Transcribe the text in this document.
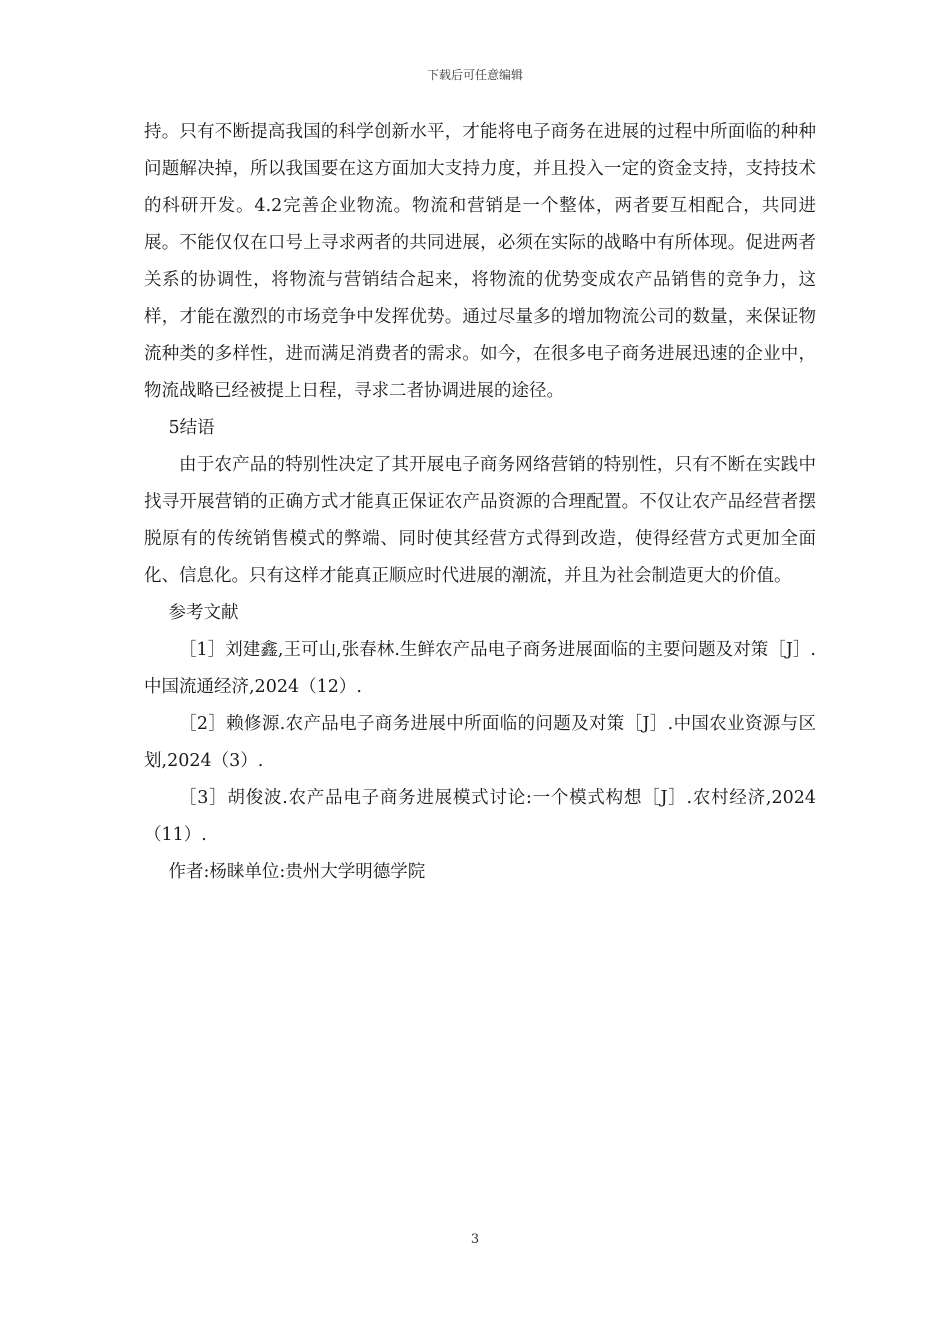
下载后可任意编辑

持。只有不断提高我国的科学创新水平，才能将电子商务在进展的过程中所面临的种种问题解决掉，所以我国要在这方面加大支持力度，并且投入一定的资金支持，支持技术的科研开发。4.2完善企业物流。物流和营销是一个整体，两者要互相配合，共同进展。不能仅仅在口号上寻求两者的共同进展，必须在实际的战略中有所体现。促进两者关系的协调性，将物流与营销结合起来，将物流的优势变成农产品销售的竞争力，这样，才能在激烈的市场竞争中发挥优势。通过尽量多的增加物流公司的数量，来保证物流种类的多样性，进而满足消费者的需求。如今，在很多电子商务进展迅速的企业中，物流战略已经被提上日程，寻求二者协调进展的途径。

5结语

由于农产品的特别性决定了其开展电子商务网络营销的特别性，只有不断在实践中找寻开展营销的正确方式才能真正保证农产品资源的合理配置。不仅让农产品经营者摆脱原有的传统销售模式的弊端、同时使其经营方式得到改造，使得经营方式更加全面化、信息化。只有这样才能真正顺应时代进展的潮流，并且为社会制造更大的价值。

参考文献

［1］刘建鑫,王可山,张春林.生鲜农产品电子商务进展面临的主要问题及对策［J］.中国流通经济,2024（12）.

［2］赖修源.农产品电子商务进展中所面临的问题及对策［J］.中国农业资源与区划,2024（3）.

［3］胡俊波.农产品电子商务进展模式讨论:一个模式构想［J］.农村经济,2024（11）.

作者:杨睐单位:贵州大学明德学院

3
